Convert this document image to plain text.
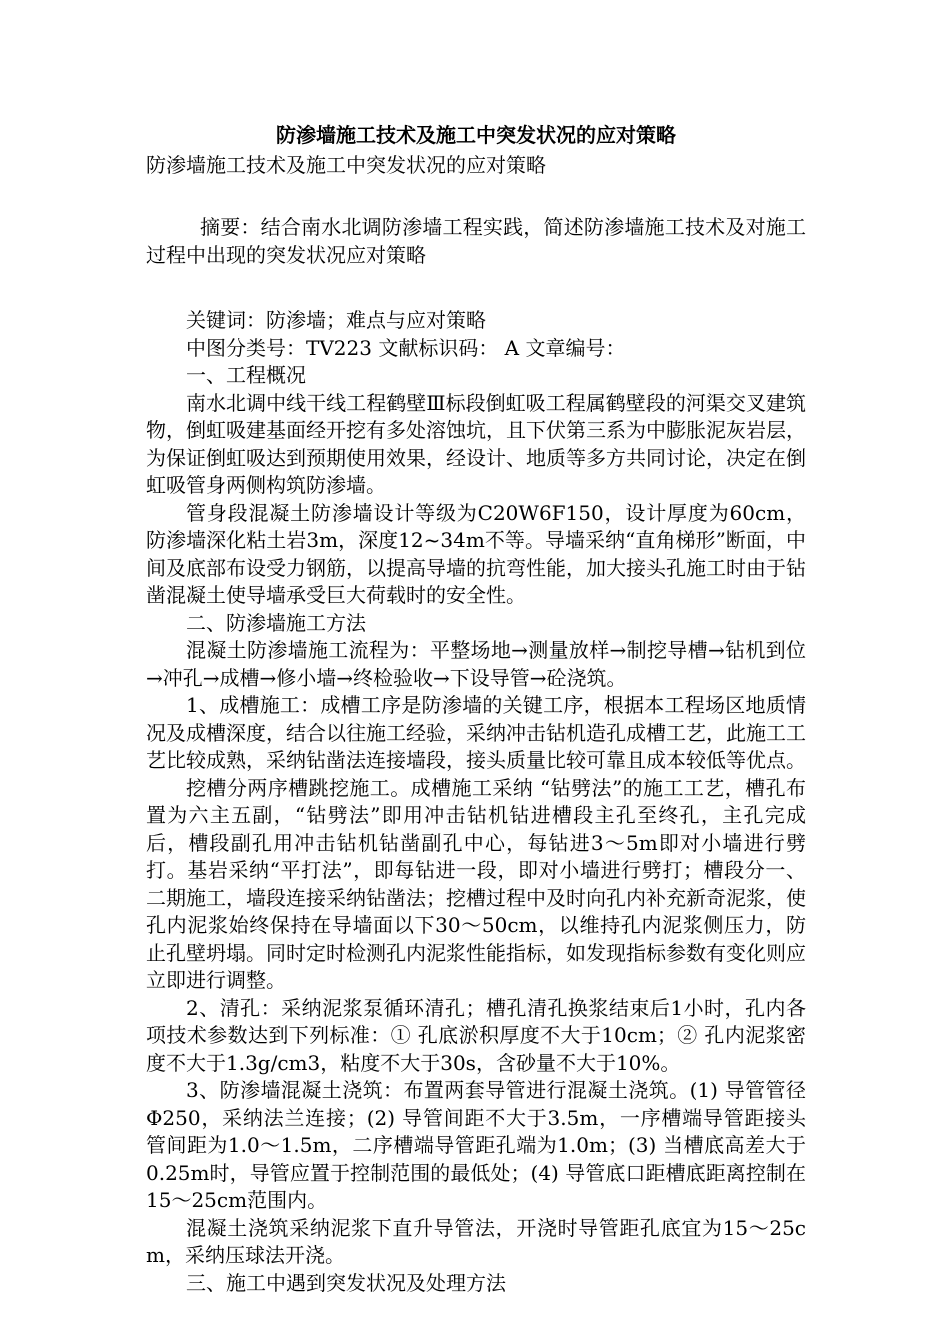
防渗墙施工技术及施工中突发状况的应对策略

防渗墙施工技术及施工中突发状况的应对策略

摘要：结合南水北调防渗墙工程实践，简述防渗墙施工技术及对施工过程中出现的突发状况应对策略

关键词：防渗墙；难点与应对策略

中图分类号：TV223 文献标识码： A 文章编号：

一、工程概况

南水北调中线干线工程鹤壁Ⅲ标段倒虹吸工程属鹤壁段的河渠交叉建筑物，倒虹吸建基面经开挖有多处溶蚀坑，且下伏第三系为中膨胀泥灰岩层，为保证倒虹吸达到预期使用效果，经设计、地质等多方共同讨论，决定在倒虹吸管身两侧构筑防渗墙。

管身段混凝土防渗墙设计等级为C20W6F150，设计厚度为60cm，防渗墙深化粘土岩3m，深度12~34m不等。导墙采纳“直角梯形”断面，中间及底部布设受力钢筋，以提高导墙的抗弯性能，加大接头孔施工时由于钻凿混凝土使导墙承受巨大荷载时的安全性。

二、防渗墙施工方法

混凝土防渗墙施工流程为：平整场地→测量放样→制挖导槽→钻机到位→冲孔→成槽→修小墙→终检验收→下设导管→砼浇筑。

1、成槽施工：成槽工序是防渗墙的关键工序，根据本工程场区地质情况及成槽深度，结合以往施工经验，采纳冲击钻机造孔成槽工艺，此施工工艺比较成熟，采纳钻凿法连接墙段，接头质量比较可靠且成本较低等优点。

挖槽分两序槽跳挖施工。成槽施工采纳 “钻劈法”的施工工艺，槽孔布置为六主五副，“钻劈法”即用冲击钻机钻进槽段主孔至终孔，主孔完成后，槽段副孔用冲击钻机钻凿副孔中心，每钻进3～5m即对小墙进行劈打。基岩采纳“平打法”，即每钻进一段，即对小墙进行劈打；槽段分一、二期施工，墙段连接采纳钻凿法；挖槽过程中及时向孔内补充新奇泥浆，使孔内泥浆始终保持在导墙面以下30～50cm，以维持孔内泥浆侧压力，防止孔壁坍塌。同时定时检测孔内泥浆性能指标，如发现指标参数有变化则应立即进行调整。

2、清孔：采纳泥浆泵循环清孔；槽孔清孔换浆结束后1小时，孔内各项技术参数达到下列标准：① 孔底淤积厚度不大于10cm；② 孔内泥浆密度不大于1.3g/cm3，粘度不大于30s，含砂量不大于10%。

3、防渗墙混凝土浇筑：布置两套导管进行混凝土浇筑。(1) 导管管径Φ250，采纳法兰连接；(2) 导管间距不大于3.5m，一序槽端导管距接头管间距为1.0～1.5m，二序槽端导管距孔端为1.0m；(3) 当槽底高差大于0.25m时，导管应置于控制范围的最低处；(4) 导管底口距槽底距离控制在15～25cm范围内。

混凝土浇筑采纳泥浆下直升导管法，开浇时导管距孔底宜为15～25cm，采纳压球法开浇。

三、施工中遇到突发状况及处理方法
